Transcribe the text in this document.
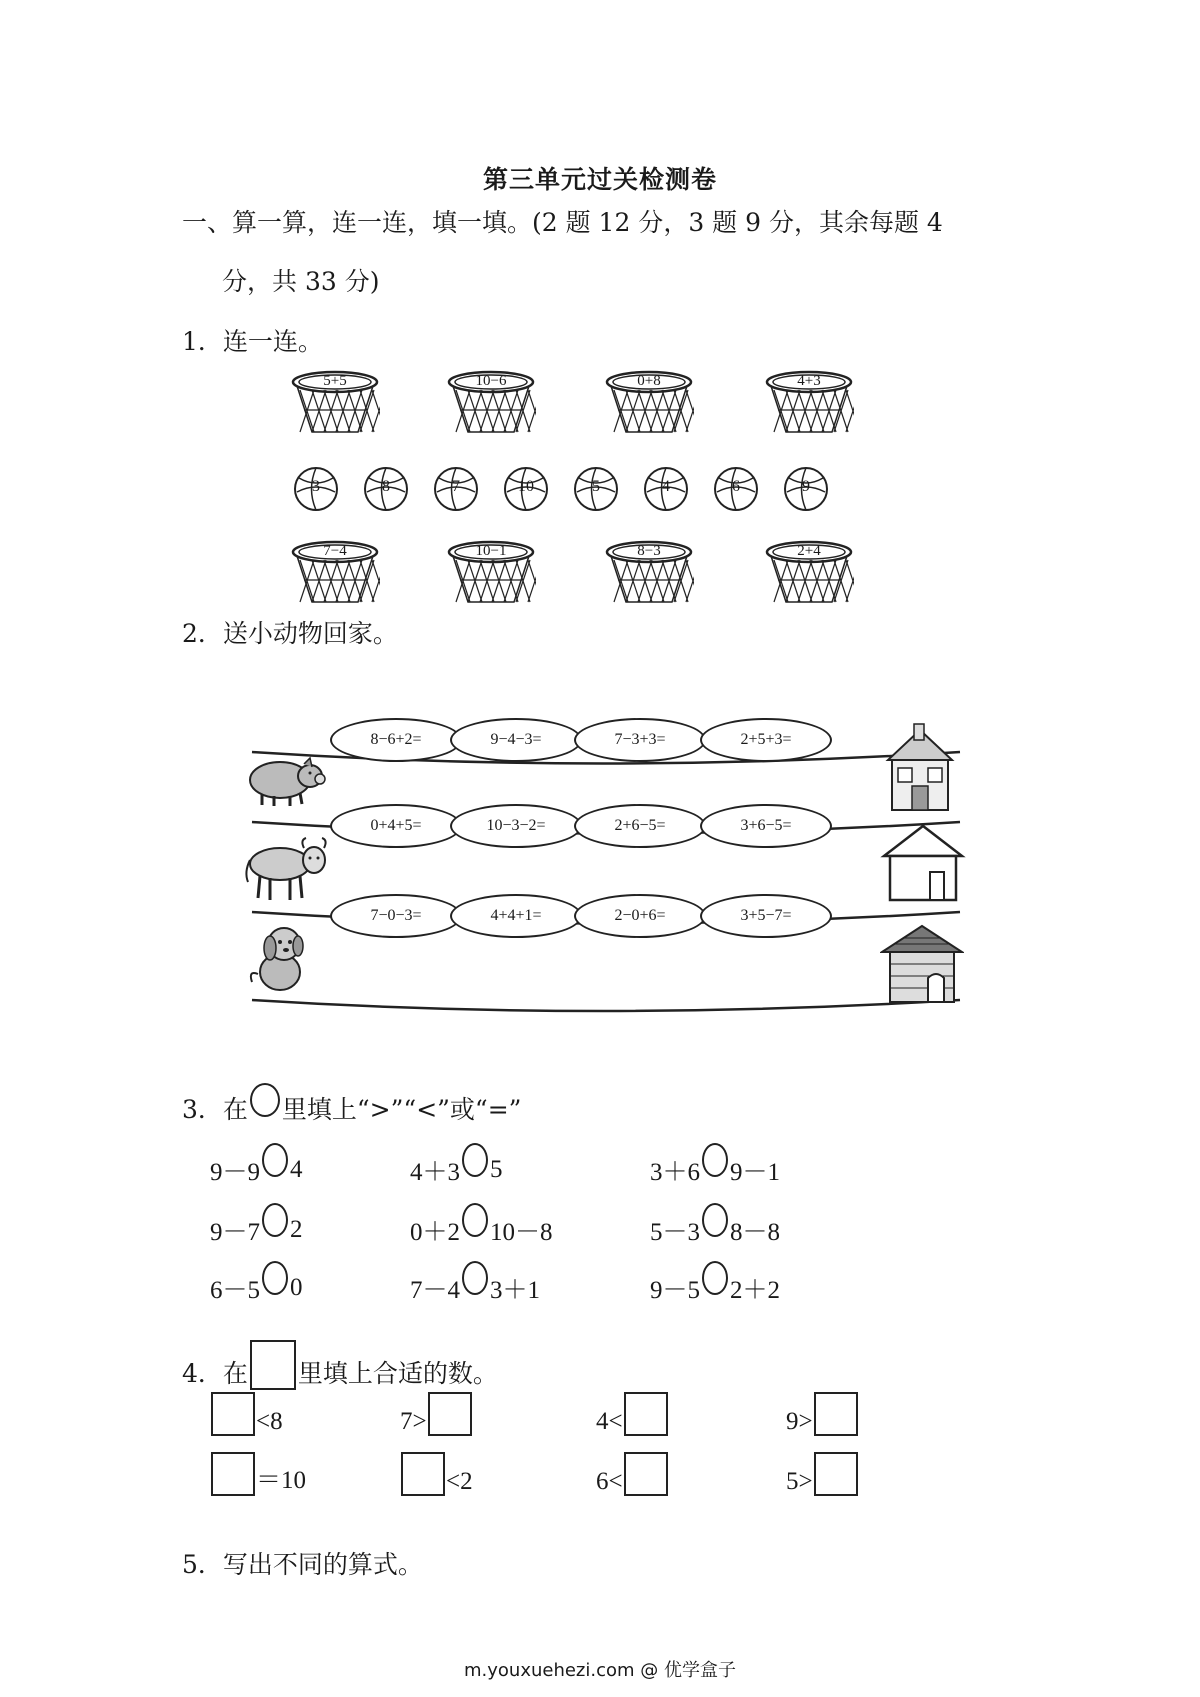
第三单元过关检测卷
一、算一算，连一连，填一填。(2 题 12 分，3 题 9 分，其余每题 4
分，共 33 分)
1．连一连。
5+5	10−6	0+8	4+3
3	8	7	10	5	4	6	9
7−4	10−1	8−3	2+4
2．送小动物回家。
8−6+2=	9−4−3=	7−3+3=	2+5+3=
0+4+5=	10−3−2=	2+6−5=	3+6−5=
7−0−3=	4+4+1=	2−0+6=	3+5−7=
3．在 里填上“>”“<”或“=”
9－9 4	4＋3 5	3＋6 9－1
9－7 2	0＋2 10－8	5－3 8－8
6－5 0	7－4 3＋1	9－5 2＋2
4．在 里填上合适的数。
<8	7>	4<	9>
＝10	<2	6<	5>
5．写出不同的算式。
m.youxuehezi.com @ 优学盒子
